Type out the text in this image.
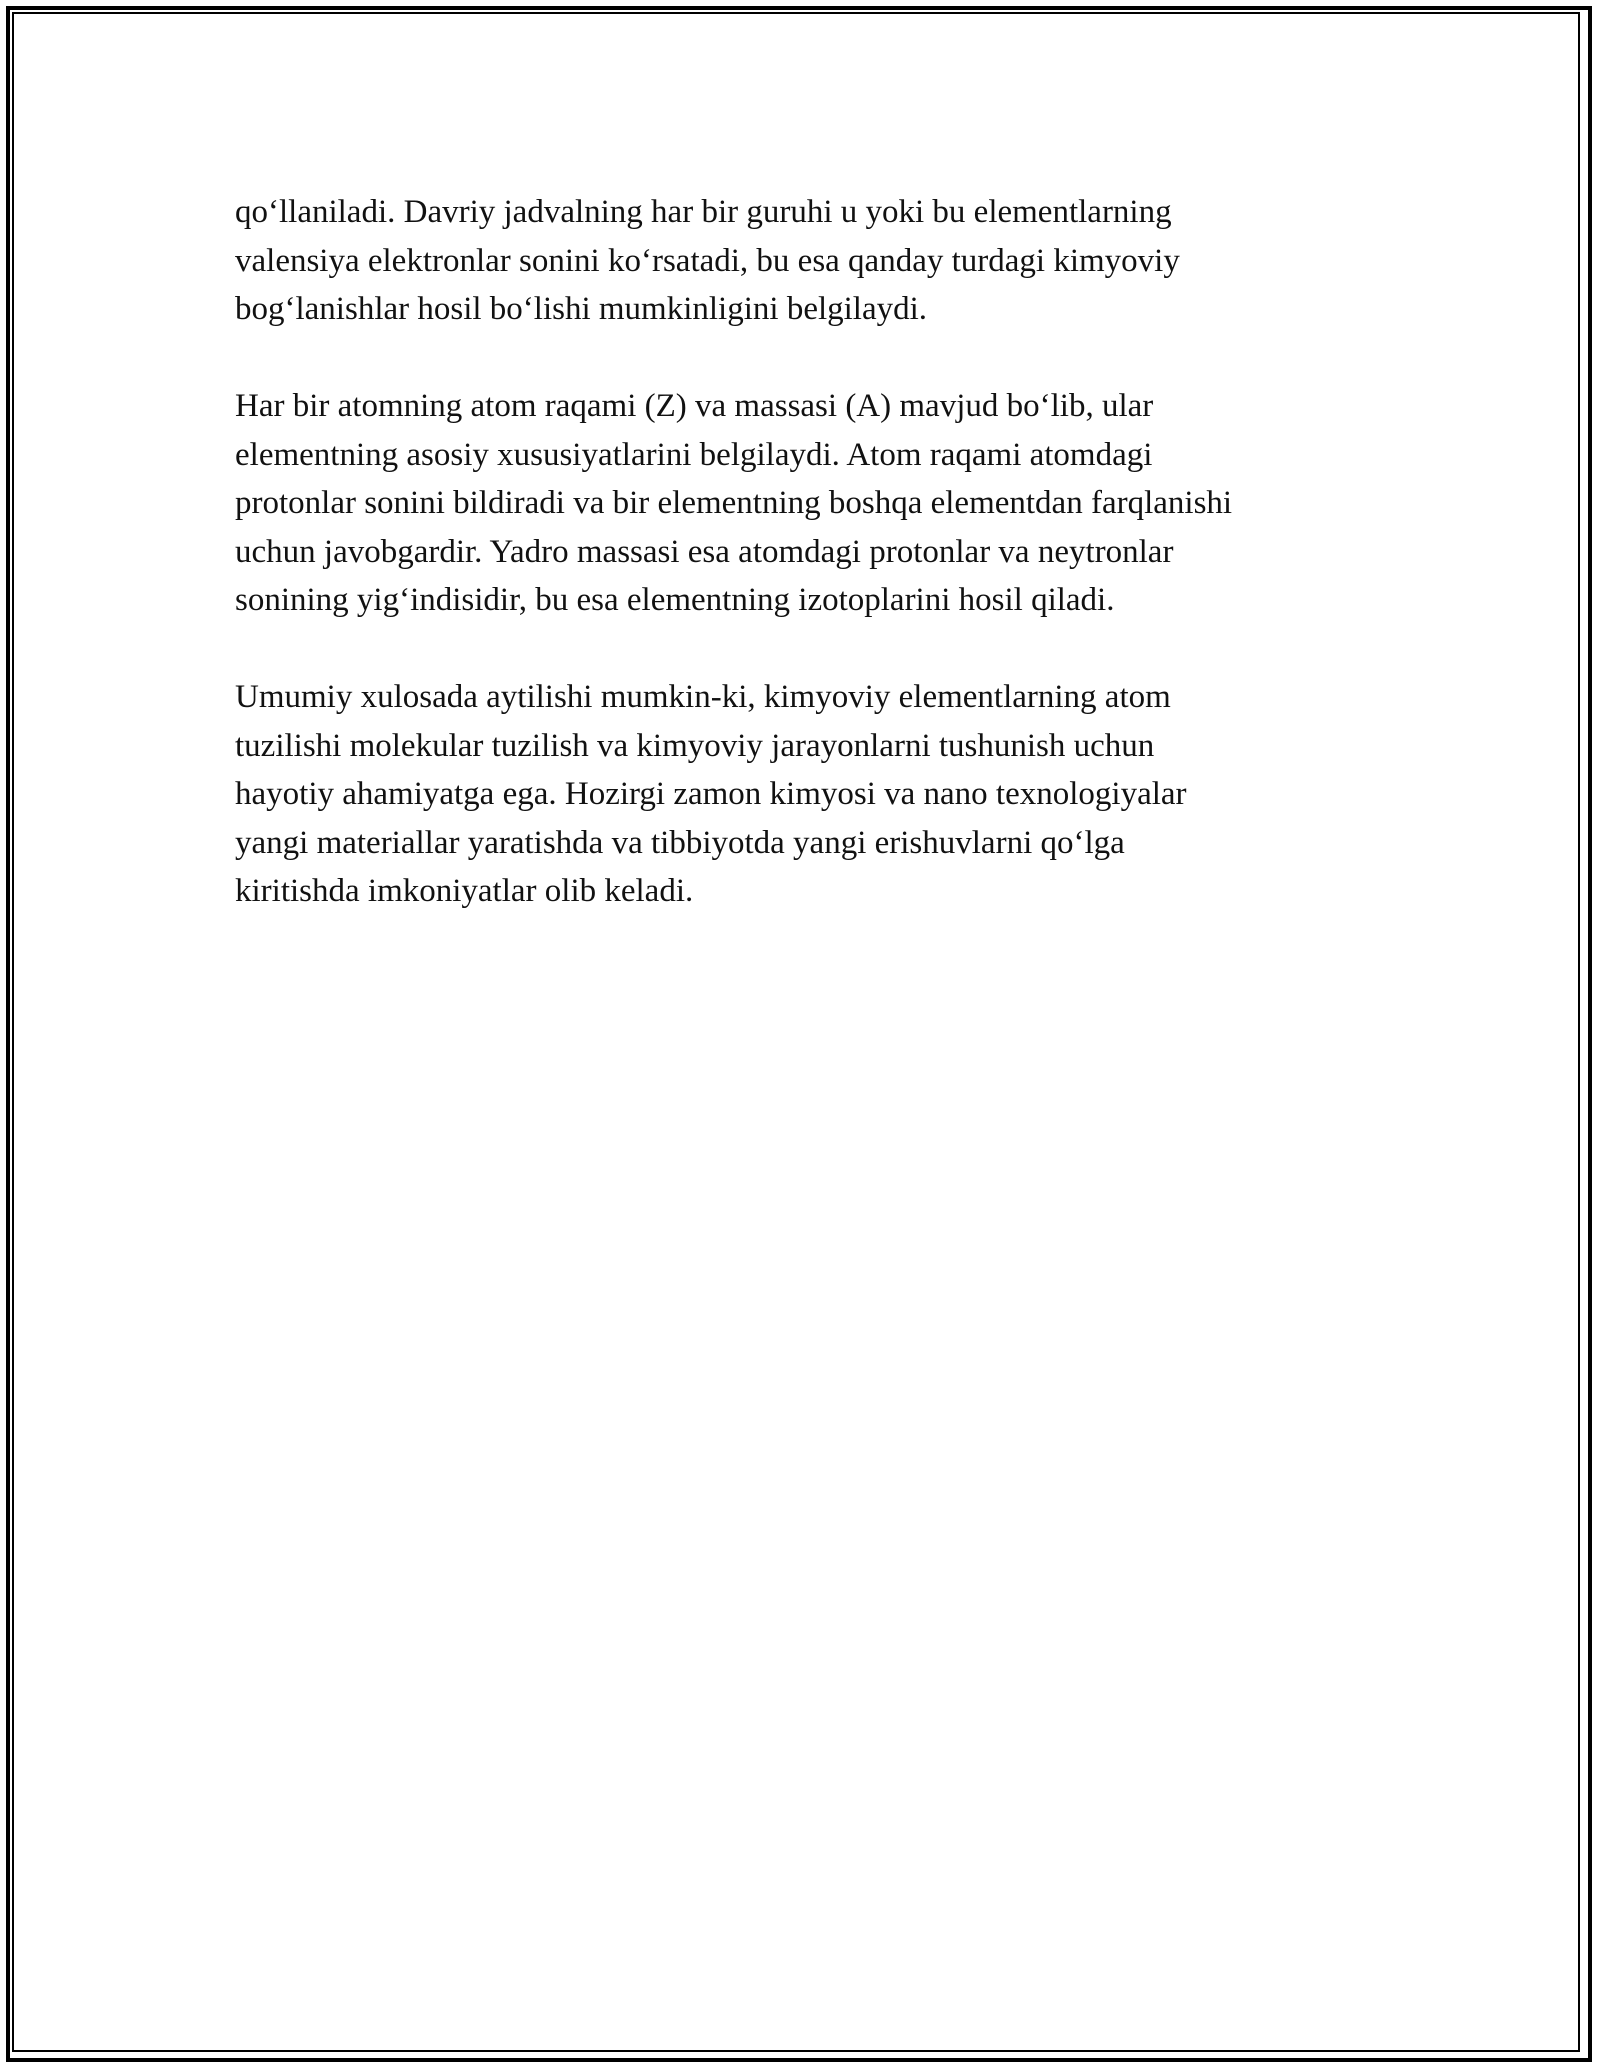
qo‘llaniladi. Davriy jadvalning har bir guruhi u yoki bu elementlarning
valensiya elektronlar sonini ko‘rsatadi, bu esa qanday turdagi kimyoviy
bog‘lanishlar hosil bo‘lishi mumkinligini belgilaydi.

Har bir atomning atom raqami (Z) va massasi (A) mavjud bo‘lib, ular
elementning asosiy xususiyatlarini belgilaydi. Atom raqami atomdagi
protonlar sonini bildiradi va bir elementning boshqa elementdan farqlanishi
uchun javobgardir. Yadro massasi esa atomdagi protonlar va neytronlar
sonining yig‘indisidir, bu esa elementning izotoplarini hosil qiladi.

Umumiy xulosada aytilishi mumkin-ki, kimyoviy elementlarning atom
tuzilishi molekular tuzilish va kimyoviy jarayonlarni tushunish uchun
hayotiy ahamiyatga ega. Hozirgi zamon kimyosi va nano texnologiyalar
yangi materiallar yaratishda va tibbiyotda yangi erishuvlarni qo‘lga
kiritishda imkoniyatlar olib keladi.
